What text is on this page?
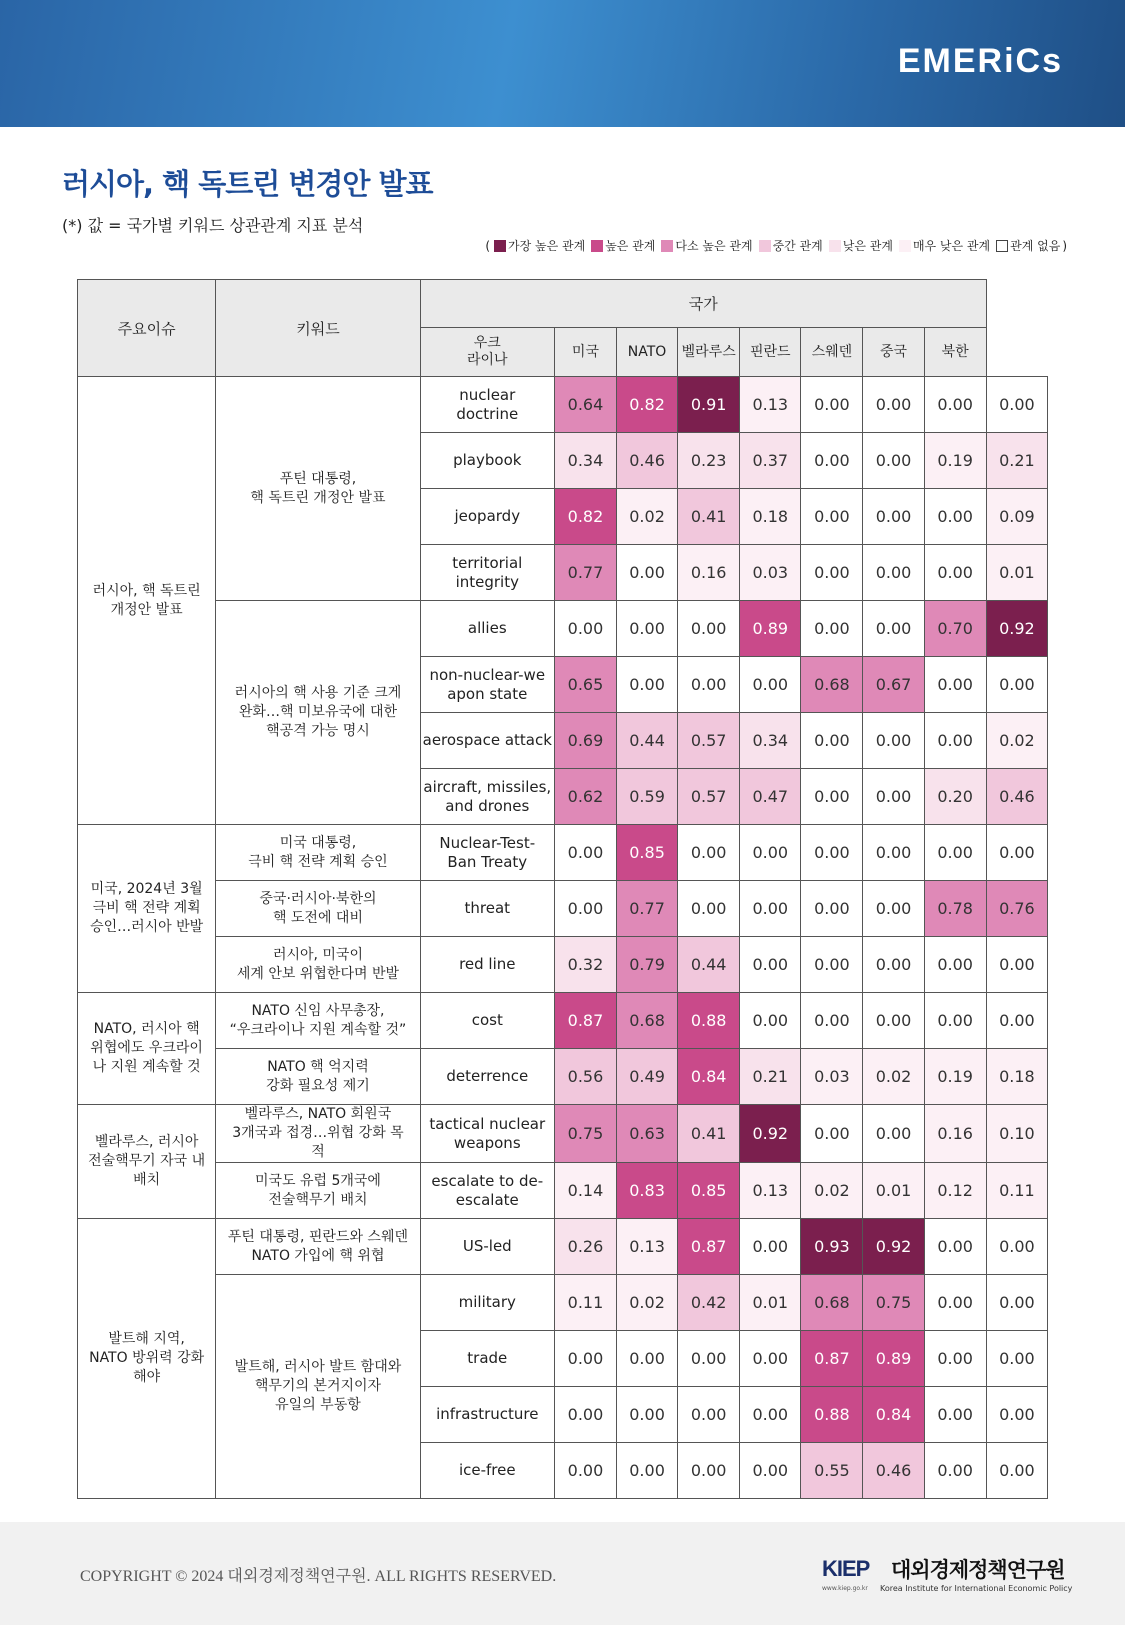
EMERiCs
러시아, 핵 독트린 변경안 발표
(*) 값 = 국가별 키워드 상관관계 지표 분석
( 가장 높은 관계 높은 관계 다소 높은 관계 중간 관계 낮은 관계 매우 낮은 관계 관계 없음 )
주요이슈	키워드	국가								
		우크
라이나	미국	NATO	벨라루스	핀란드	스웨덴	중국	북한	
러시아, 핵 독트린
개정안 발표	푸틴 대통령,
핵 독트린 개정안 발표	nuclear
doctrine	0.64	0.82	0.91	0.13	0.00	0.00	0.00	0.00
		playbook	0.34	0.46	0.23	0.37	0.00	0.00	0.19	0.21
		jeopardy	0.82	0.02	0.41	0.18	0.00	0.00	0.00	0.09
		territorial
integrity	0.77	0.00	0.16	0.03	0.00	0.00	0.00	0.01
	러시아의 핵 사용 기준 크게
완화…핵 미보유국에 대한
핵공격 가능 명시	allies	0.00	0.00	0.00	0.89	0.00	0.00	0.70	0.92
		non-nuclear-we
apon state	0.65	0.00	0.00	0.00	0.68	0.67	0.00	0.00
		aerospace attack	0.69	0.44	0.57	0.34	0.00	0.00	0.00	0.02
		aircraft, missiles,
and drones	0.62	0.59	0.57	0.47	0.00	0.00	0.20	0.46
미국, 2024년 3월
극비 핵 전략 계획
승인…러시아 반발	미국 대통령,
극비 핵 전략 계획 승인	Nuclear-Test-
Ban Treaty	0.00	0.85	0.00	0.00	0.00	0.00	0.00	0.00
	중국·러시아·북한의
핵 도전에 대비	threat	0.00	0.77	0.00	0.00	0.00	0.00	0.78	0.76
	러시아, 미국이
세계 안보 위협한다며 반발	red line	0.32	0.79	0.44	0.00	0.00	0.00	0.00	0.00
NATO, 러시아 핵
위협에도 우크라이
나 지원 계속할 것	NATO 신임 사무총장,
“우크라이나 지원 계속할 것”	cost	0.87	0.68	0.88	0.00	0.00	0.00	0.00	0.00
	NATO 핵 억지력
강화 필요성 제기	deterrence	0.56	0.49	0.84	0.21	0.03	0.02	0.19	0.18
벨라루스, 러시아
전술핵무기 자국 내
배치	벨라루스, NATO 회원국
3개국과 접경…위협 강화 목
적	tactical nuclear
weapons	0.75	0.63	0.41	0.92	0.00	0.00	0.16	0.10
	미국도 유럽 5개국에
전술핵무기 배치	escalate to de-
escalate	0.14	0.83	0.85	0.13	0.02	0.01	0.12	0.11
발트해 지역,
NATO 방위력 강화
해야	푸틴 대통령, 핀란드와 스웨덴
NATO 가입에 핵 위협	US-led	0.26	0.13	0.87	0.00	0.93	0.92	0.00	0.00
	발트해, 러시아 발트 함대와
핵무기의 본거지이자
유일의 부동항	military	0.11	0.02	0.42	0.01	0.68	0.75	0.00	0.00
		trade	0.00	0.00	0.00	0.00	0.87	0.89	0.00	0.00
		infrastructure	0.00	0.00	0.00	0.00	0.88	0.84	0.00	0.00
		ice-free	0.00	0.00	0.00	0.00	0.55	0.46	0.00	0.00
COPYRIGHT © 2024 대외경제정책연구원. ALL RIGHTS RESERVED.	KIEP 대외경제정책연구원
www.kiep.go.kr Korea Institute for International Economic Policy
